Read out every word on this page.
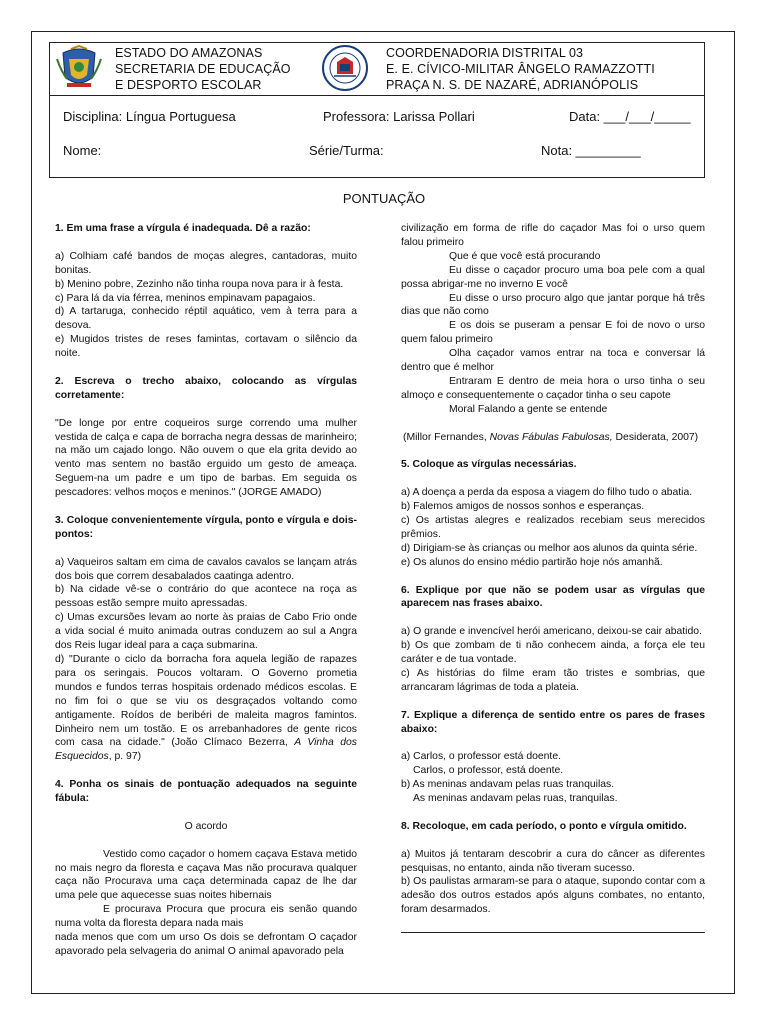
ESTADO DO AMAZONAS
SECRETARIA DE EDUCAÇÃO
E DESPORTO ESCOLAR
COORDENADORIA DISTRITAL 03
E. E. CÍVICO-MILITAR ÂNGELO RAMAZZOTTI
PRAÇA N. S. DE NAZARÉ, ADRIANÓPOLIS
Disciplina: Língua Portuguesa	Professora: Larissa Pollari	Data: ___/___/_____
Nome:	Série/Turma:	Nota: _________
PONTUAÇÃO

1. Em uma frase a vírgula é inadequada. Dê a razão:

a) Colhiam café bandos de moças alegres, cantadoras, muito bonitas.

b) Menino pobre, Zezinho não tinha roupa nova para ir à festa.

c) Para lá da via férrea, meninos empinavam papagaios.

d) A tartaruga, conhecido réptil aquático, vem à terra para a desova.

e) Mugidos tristes de reses famintas, cortavam o silêncio da noite.

2. Escreva o trecho abaixo, colocando as vírgulas corretamente:

"De longe por entre coqueiros surge correndo uma mulher vestida de calça e capa de borracha negra dessas de marinheiro; na mão um cajado longo. Não ouvem o que ela grita devido ao vento mas sentem no bastão erguido um gesto de ameaça. Seguem-na um padre e um tipo de barbas. Em seguida os pescadores: velhos moços e meninos." (JORGE AMADO)

3. Coloque convenientemente vírgula, ponto e vírgula e dois-pontos:

a) Vaqueiros saltam em cima de cavalos cavalos se lançam atrás dos bois que correm desabalados caatinga adentro.

b) Na cidade vê-se o contrário do que acontece na roça as pessoas estão sempre muito apressadas.

c) Umas excursões levam ao norte às praias de Cabo Frio onde a vida social é muito animada outras conduzem ao sul a Angra dos Reis lugar ideal para a caça submarina.

d) "Durante o ciclo da borracha fora aquela legião de rapazes para os seringais. Poucos voltaram. O Governo prometia mundos e fundos terras hospitais ordenado médicos escolas. E no fim foi o que se viu os desgraçados voltando como antigamente. Roídos de beribéri de maleita magros famintos. Dinheiro nem um tostão. E os arrebanhadores de gente ricos com casa na cidade." (João Clímaco Bezerra, A Vinha dos Esquecidos, p. 97)

4. Ponha os sinais de pontuação adequados na seguinte fábula:

O acordo

Vestido como caçador o homem caçava Estava metido no mais negro da floresta e caçava Mas não procurava qualquer caça não Procurava uma caça determinada capaz de lhe dar uma pele que aquecesse suas noites hibernais

E procurava Procura que procura eis senão quando numa volta da floresta depara nada mais

nada menos que com um urso Os dois se defrontam O caçador apavorado pela selvageria do animal O animal apavorado pela

civilização em forma de rifle do caçador Mas foi o urso quem falou primeiro

Que é que você está procurando

Eu disse o caçador procuro uma boa pele com a qual possa abrigar-me no inverno E você

Eu disse o urso procuro algo que jantar porque há três dias que não como

E os dois se puseram a pensar E foi de novo o urso quem falou primeiro

Olha caçador vamos entrar na toca e conversar lá dentro que é melhor

Entraram E dentro de meia hora o urso tinha o seu almoço e consequentemente o caçador tinha o seu capote

Moral Falando a gente se entende

(Millor Fernandes, Novas Fábulas Fabulosas, Desiderata, 2007)

5. Coloque as vírgulas necessárias.

a) A doença a perda da esposa a viagem do filho tudo o abatia.

b) Falemos amigos de nossos sonhos e esperanças.

c) Os artistas alegres e realizados recebiam seus merecidos prêmios.

d) Dirigiam-se às crianças ou melhor aos alunos da quinta série.

e) Os alunos do ensino médio partirão hoje nós amanhã.

6. Explique por que não se podem usar as vírgulas que aparecem nas frases abaixo.

a) O grande e invencível herói americano, deixou-se cair abatido.

b) Os que zombam de ti não conhecem ainda, a força ele teu caráter e de tua vontade.

c) As histórias do filme eram tão tristes e sombrias, que arrancaram lágrimas de toda a plateia.

7. Explique a diferença de sentido entre os pares de frases abaixo:

a) Carlos, o professor está doente.

Carlos, o professor, está doente.

b) As meninas andavam pelas ruas tranquilas.

As meninas andavam pelas ruas, tranquilas.

8. Recoloque, em cada período, o ponto e vírgula omitido.

a) Muitos já tentaram descobrir a cura do câncer as diferentes pesquisas, no entanto, ainda não tiveram sucesso.

b) Os paulistas armaram-se para o ataque, supondo contar com a adesão dos outros estados após alguns combates, no entanto, foram desarmados.
